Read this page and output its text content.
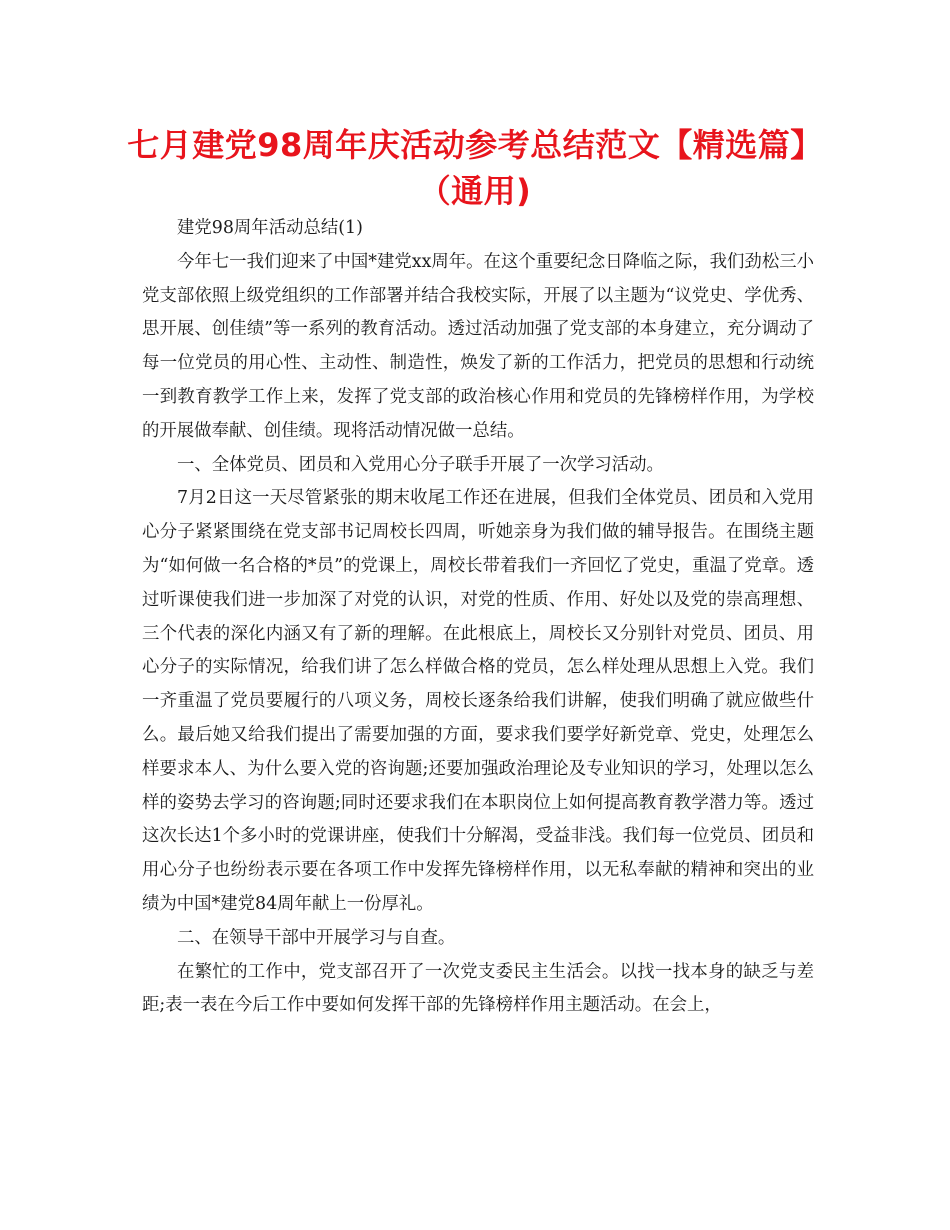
七月建党98周年庆活动参考总结范文【精选篇】（通用)

建党98周年活动总结(1)

今年七一我们迎来了中国*建党xx周年。在这个重要纪念日降临之际，我们劲松三小党支部依照上级党组织的工作部署并结合我校实际，开展了以主题为“议党史、学优秀、思开展、创佳绩”等一系列的教育活动。透过活动加强了党支部的本身建立，充分调动了每一位党员的用心性、主动性、制造性，焕发了新的工作活力，把党员的思想和行动统一到教育教学工作上来，发挥了党支部的政治核心作用和党员的先锋榜样作用，为学校的开展做奉献、创佳绩。现将活动情况做一总结。

一、全体党员、团员和入党用心分子联手开展了一次学习活动。

7月2日这一天尽管紧张的期末收尾工作还在进展，但我们全体党员、团员和入党用心分子紧紧围绕在党支部书记周校长四周，听她亲身为我们做的辅导报告。在围绕主题为“如何做一名合格的*员”的党课上，周校长带着我们一齐回忆了党史，重温了党章。透过听课使我们进一步加深了对党的认识，对党的性质、作用、好处以及党的崇高理想、三个代表的深化内涵又有了新的理解。在此根底上，周校长又分别针对党员、团员、用心分子的实际情况，给我们讲了怎么样做合格的党员，怎么样处理从思想上入党。我们一齐重温了党员要履行的八项义务，周校长逐条给我们讲解，使我们明确了就应做些什么。最后她又给我们提出了需要加强的方面，要求我们要学好新党章、党史，处理怎么样要求本人、为什么要入党的咨询题;还要加强政治理论及专业知识的学习，处理以怎么样的姿势去学习的咨询题;同时还要求我们在本职岗位上如何提高教育教学潜力等。透过这次长达1个多小时的党课讲座，使我们十分解渴，受益非浅。我们每一位党员、团员和用心分子也纷纷表示要在各项工作中发挥先锋榜样作用，以无私奉献的精神和突出的业绩为中国*建党84周年献上一份厚礼。

二、在领导干部中开展学习与自查。

在繁忙的工作中，党支部召开了一次党支委民主生活会。以找一找本身的缺乏与差距;表一表在今后工作中要如何发挥干部的先锋榜样作用主题活动。在会上，
